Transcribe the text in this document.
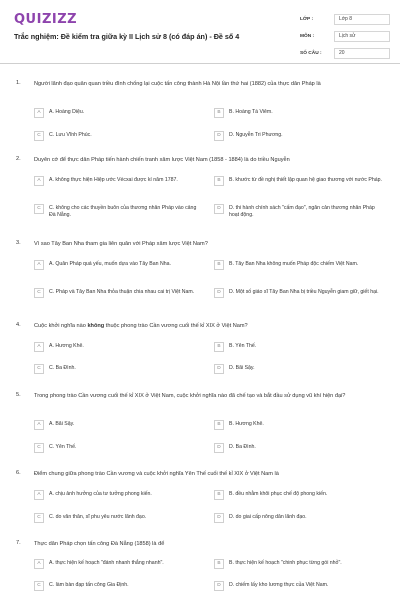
QUIZIZZ
Trắc nghiệm: Đề kiểm tra giữa kỳ II Lịch sử 8 (có đáp án) - Đề số 4
LỚP :	Lớp 8
MÔN :	Lịch sử
SỐ CÂU :	20
1. Người lãnh đạo quân quan triều đình chống lại cuộc tấn công thành Hà Nội lần thứ hai (1882) của thực dân Pháp là
A	A. Hoàng Diệu.	B	B. Hoàng Tá Viêm.
C	C. Lưu Vĩnh Phúc.	D	D. Nguyễn Tri Phương.
2. Duyên cớ để thực dân Pháp tiến hành chiến tranh xâm lược Việt Nam (1858 - 1884) là do triều Nguyễn
A	A. không thực hiện Hiệp ước Vécxai được kí năm 1787.	B	B. khước từ đề nghị thiết lập quan hệ giao thương với nước Pháp.
C	C. không cho các thuyền buôn của thương nhân Pháp vào cảng Đà Nẵng.
D	D. thi hành chính sách "cấm đạo", ngăn cản thương nhân Pháp hoạt động.
3. Vì sao Tây Ban Nha tham gia liên quân với Pháp xâm lược Việt Nam?
A	A. Quân Pháp quá yếu, muốn dựa vào Tây Ban Nha.	B	B. Tây Ban Nha không muốn Pháp độc chiếm Việt Nam.
C	C. Pháp và Tây Ban Nha thỏa thuận chia nhau cai trị Việt Nam.	D	D. Một số giáo sĩ Tây Ban Nha bị triều Nguyễn giam giữ, giết hại.
4. Cuộc khởi nghĩa nào không thuộc phong trào Cần vương cuối thế kỉ XIX ở Việt Nam?
A	A. Hương Khê.	B	B. Yên Thế.
C	C. Ba Đình.	D	D. Bãi Sậy.
5. Trong phong trào Cần vương cuối thế kỉ XIX ở Việt Nam, cuộc khởi nghĩa nào đã chế tạo và bắt đầu sử dụng vũ khí hiện đại?
A	A. Bãi Sậy.	B	B. Hương Khê.
C	C. Yên Thế.	D	D. Ba Đình.
6. Điểm chung giữa phong trào Cần vương và cuộc khởi nghĩa Yên Thế cuối thế kỉ XIX ở Việt Nam là
A	A. chịu ảnh hưởng của tư tưởng phong kiến.	B	B. đều nhằm khôi phục chế độ phong kiến.
C	C. do văn thân, sĩ phu yêu nước lãnh đạo.	D	D. do giai cấp nông dân lãnh đạo.
7. Thực dân Pháp chọn tấn công Đà Nẵng (1858) là để
A	A. thực hiện kế hoạch "đánh nhanh thắng nhanh".	B	B. thực hiện kế hoạch "chinh phục từng gói nhỏ".
C	C. làm bàn đạp tấn công Gia Định.	D	D. chiếm lấy kho lương thực của Việt Nam.
